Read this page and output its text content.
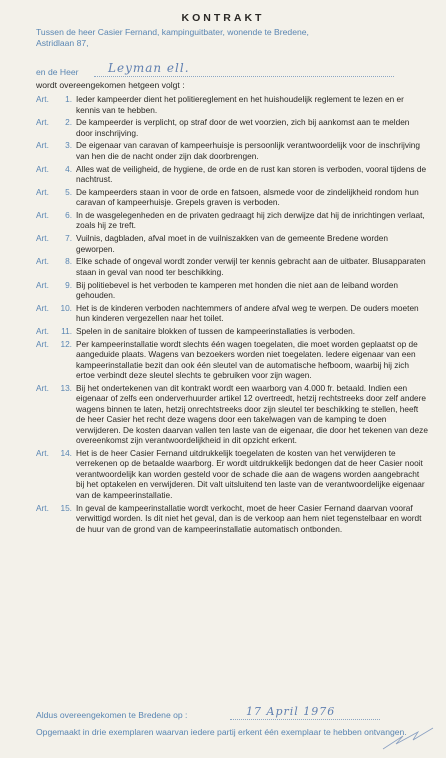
KONTRAKT
Tussen de heer Casier Fernand, kampinguitbater, wonende te Bredene,
Astridlaan 87,
en de Heer Leyman ell.
wordt overeengekomen hetgeen volgt :
Art.	1. Ieder kampeerder dient het politiereglement en het huishoudelijk reglement te lezen en er kennis van te hebben.
Art.	2. De kampeerder is verplicht, op straf door de wet voorzien, zich bij aankomst aan te melden door inschrijving.
Art.	3. De eigenaar van caravan of kampeerhuisje is persoonlijk verantwoordelijk voor de inschrijving van hen die de nacht onder zijn dak doorbrengen.
Art.	4. Alles wat de veiligheid, de hygiene, de orde en de rust kan storen is verboden, vooral tijdens de nachtrust.
Art.	5. De kampeerders staan in voor de orde en fatsoen, alsmede voor de zindelijkheid rondom hun caravan of kampeerhuisje. Grepels graven is verboden.
Art.	6. In de wasgelegenheden en de privaten gedraagt hij zich derwijze dat hij de inrichtingen verlaat, zoals hij ze treft.
Art.	7. Vuilnis, dagbladen, afval moet in de vuilniszakken van de gemeente Bredene worden geworpen.
Art.	8. Elke schade of ongeval wordt zonder verwijl ter kennis gebracht aan de uitbater. Blusapparaten staan in geval van nood ter beschikking.
Art.	9. Bij politiebevel is het verboden te kamperen met honden die niet aan de leiband worden gehouden.
Art.	10. Het is de kinderen verboden nachtemmers of andere afval weg te werpen. De ouders moeten hun kinderen vergezellen naar het toilet.
Art.	11. Spelen in de sanitaire blokken of tussen de kampeerinstallaties is verboden.
Art.	12. Per kampeerinstallatie wordt slechts één wagen toegelaten, die moet worden geplaatst op de aangeduide plaats. Wagens van bezoekers worden niet toegelaten. Iedere eigenaar van een kampeerinstallatie bezit dan ook één sleutel van de automatische hefboom, waarbij hij zich ertoe verbindt deze sleutel slechts te gebruiken voor zijn wagen.
Art.	13. Bij het ondertekenen van dit kontrakt wordt een waarborg van 4.000 fr. betaald. Indien een eigenaar of zelfs een onderverhuurder artikel 12 overtreedt, hetzij rechtstreeks door zelf andere wagens binnen te laten, hetzij onrechtstreeks door zijn sleutel ter beschikking te stellen, heeft de heer Casier het recht deze wagens door een takelwagen van de kamping te doen verwijderen. De kosten daarvan vallen ten laste van de eigenaar, die door het tekenen van deze overeenkomst zijn verantwoordelijkheid in dit opzicht erkent.
Art.	14. Het is de heer Casier Fernand uitdrukkelijk toegelaten de kosten van het verwijderen te verrekenen op de betaalde waarborg. Er wordt uitdrukkelijk bedongen dat de heer Casier nooit verantwoordelijk kan worden gesteld voor de schade die aan de wagens worden aangebracht bij het optakelen en verwijderen. Dit valt uitsluitend ten laste van de verantwoordelijke eigenaar van de kampeerinstallatie.
Art.	15. In geval de kampeerinstallatie wordt verkocht, moet de heer Casier Fernand daarvan vooraf verwittigd worden. Is dit niet het geval, dan is de verkoop aan hem niet tegenstelbaar en wordt de huur van de grond van de kampeerinstallatie automatisch ontbonden.
Aldus overeengekomen te Bredene op :	17 April 1976
Opgemaakt in drie exemplaren waarvan iedere partij erkent één exemplaar te hebben ontvangen.
